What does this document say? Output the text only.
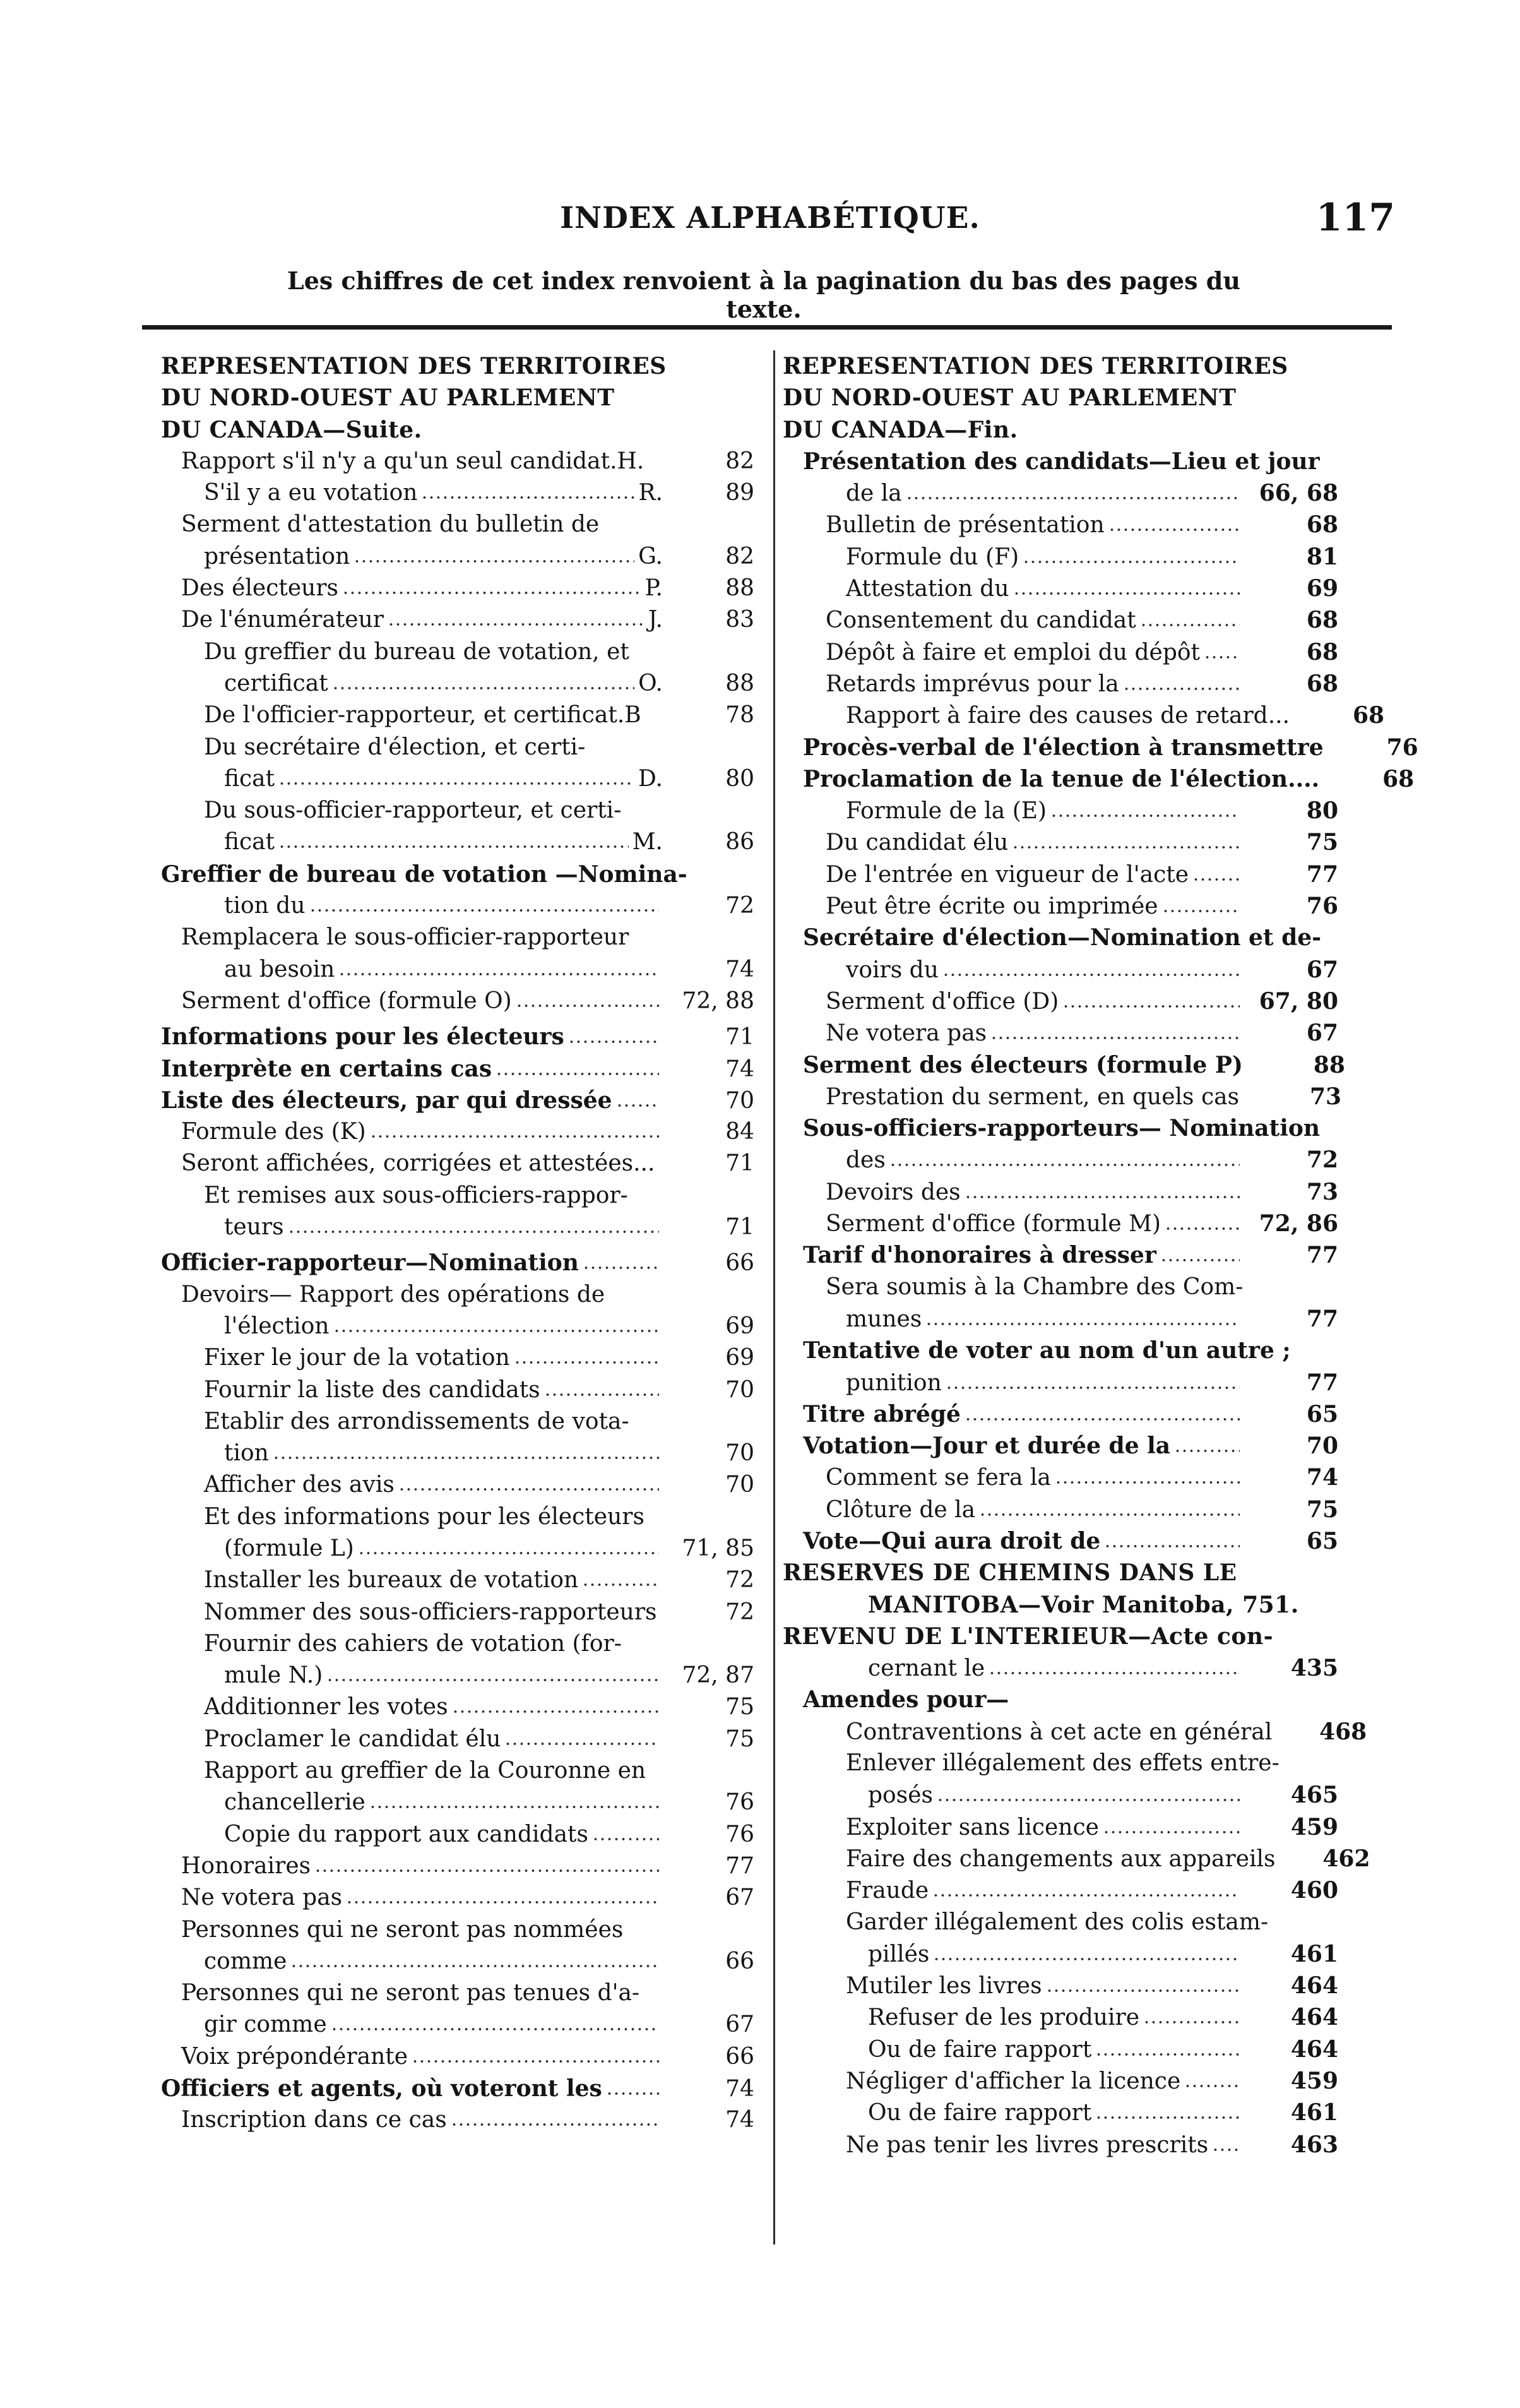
INDEX ALPHABÉTIQUE.	117
Les chiffres de cet index renvoient à la pagination du bas des pages du texte.
REPRESENTATION DES TERRITOIRES
DU NORD-OUEST AU PARLEMENT
DU CANADA—Suite.
Rapport s'il n'y a qu'un seul candidat.H.	82
S'il y a eu votation	R.	89
Serment d'attestation du bulletin de
présentation	G.	82
Des électeurs	P.	88
De l'énumérateur	J.	83
Du greffier du bureau de votation, et
certificat	O.	88
De l'officier-rapporteur, et certificat.B	78
Du secrétaire d'élection, et certi-
ficat	D.	80
Du sous-officier-rapporteur, et certi-
ficat	M.	86
Greffier de bureau de votation —Nomina-
tion du	72
Remplacera le sous-officier-rapporteur
au besoin	74
Serment d'office (formule O)	72, 88
Informations pour les électeurs	71
Interprète en certains cas	74
Liste des électeurs, par qui dressée	70
Formule des (K)	84
Seront affichées, corrigées et attestées...	71
Et remises aux sous-officiers-rappor-
teurs	71
Officier-rapporteur—Nomination	66
Devoirs— Rapport des opérations de
l'élection	69
Fixer le jour de la votation	69
Fournir la liste des candidats	70
Etablir des arrondissements de vota-
tion	70
Afficher des avis	70
Et des informations pour les électeurs
(formule L)	71, 85
Installer les bureaux de votation	72
Nommer des sous-officiers-rapporteurs	72
Fournir des cahiers de votation (for-
mule N.)	72, 87
Additionner les votes	75
Proclamer le candidat élu	75
Rapport au greffier de la Couronne en
chancellerie	76
Copie du rapport aux candidats	76
Honoraires	77
Ne votera pas	67
Personnes qui ne seront pas nommées
comme	66
Personnes qui ne seront pas tenues d'a-
gir comme	67
Voix prépondérante	66
Officiers et agents, où voteront les	74
Inscription dans ce cas	74
REPRESENTATION DES TERRITOIRES
DU NORD-OUEST AU PARLEMENT
DU CANADA—Fin.
Présentation des candidats—Lieu et jour
de la	66, 68
Bulletin de présentation	68
Formule du (F)	81
Attestation du	69
Consentement du candidat	68
Dépôt à faire et emploi du dépôt	68
Retards imprévus pour la	68
Rapport à faire des causes de retard...	68
Procès-verbal de l'élection à transmettre	76
Proclamation de la tenue de l'élection....	68
Formule de la (E)	80
Du candidat élu	75
De l'entrée en vigueur de l'acte	77
Peut être écrite ou imprimée	76
Secrétaire d'élection—Nomination et de-
voirs du	67
Serment d'office (D)	67, 80
Ne votera pas	67
Serment des électeurs (formule P)	88
Prestation du serment, en quels cas	73
Sous-officiers-rapporteurs— Nomination
des	72
Devoirs des	73
Serment d'office (formule M)	72, 86
Tarif d'honoraires à dresser	77
Sera soumis à la Chambre des Com-
munes	77
Tentative de voter au nom d'un autre ;
punition	77
Titre abrégé	65
Votation—Jour et durée de la	70
Comment se fera la	74
Clôture de la	75
Vote—Qui aura droit de	65
RESERVES DE CHEMINS DANS LE
MANITOBA—Voir Manitoba, 751.
REVENU DE L'INTERIEUR—Acte con-
cernant le	435
Amendes pour—
Contraventions à cet acte en général	468
Enlever illégalement des effets entre-
posés	465
Exploiter sans licence	459
Faire des changements aux appareils	462
Fraude	460
Garder illégalement des colis estam-
pillés	461
Mutiler les livres	464
Refuser de les produire	464
Ou de faire rapport	464
Négliger d'afficher la licence	459
Ou de faire rapport	461
Ne pas tenir les livres prescrits	463
